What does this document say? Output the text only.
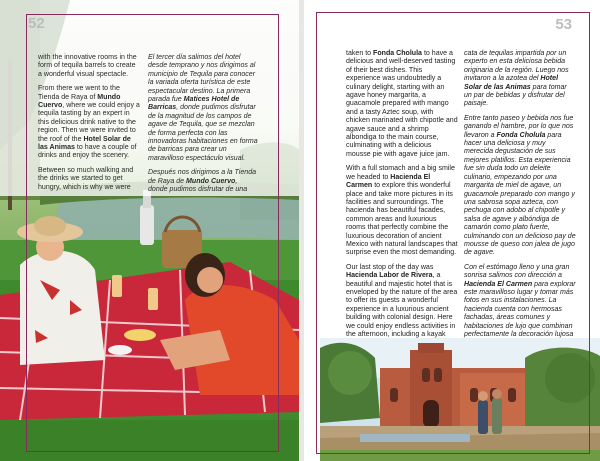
52

with the innovative rooms in the form of tequila barrels to create a wonderful visual spectacle.

From there we went to the Tienda de Raya of Mundo Cuervo, where we could enjoy a tequila tasting by an expert in this delicious drink native to the region. Then we were invited to the roof of the Hotel Solar de las Animas to have a couple of drinks and enjoy the scenery.

Between so much walking and the drinks we started to get hungry, which is why we were

El tercer día salimos del hotel desde temprano y nos dirigimos al municipio de Tequila para conocer la variada oferta turística de este espectacular destino. La primera parada fue Matices Hotel de Barricas, donde pudimos disfrutar de la magnitud de los campos de agave de Tequila, que se mezclan de forma perfecta con las innovadoras habitaciones en forma de barricas para crear un maravilloso espectáculo visual.

Después nos dirigimos a la Tienda de Raya de Mundo Cuervo, donde pudimos disfrutar de una

53

taken to Fonda Cholula to have a delicious and well-deserved tasting of their best dishes. This experience was undoubtedly a culinary delight, starting with an agave honey margarita, a guacamole prepared with mango and a tasty Aztec soup, with chicken marinated with chipotle and agave sauce and a shrimp albondiga to the main course, culminating with a delicious mousse pie with agave juice jam.

With a full stomach and a big smile we headed to Hacienda El Carmen to explore this wonderful place and take more pictures in its facilities and surroundings. The hacienda has beautiful facades, common areas and luxurious rooms that perfectly combine the luxurious decoration of ancient Mexico with natural landscapes that surprise even the most demanding.

Our last stop of the day was Hacienda Labor de Rivera, a beautiful and majestic hotel that is enveloped by the nature of the area to offer its guests a wonderful experience in a luxurious ancient building with colonial design. Here we could enjoy endless activities in the afternoon, including a kayak

cata de tequilas impartida por un experto en esta deliciosa bebida originaria de la región. Luego nos invitaron a la azotea del Hotel Solar de las Animas para tomar un par de bebidas y disfrutar del paisaje.

Entre tanto paseo y bebida nos fue ganando el hambre, por lo que nos llevaron a Fonda Cholula para hacer una deliciosa y muy merecida degustación de sus mejores platillos. Esta experiencia fue sin duda todo un deleite culinario, empezando por una margarita de miel de agave, un guacamole preparado con mango y una sabrosa sopa azteca, con pechuga con adobo al chipotle y salsa de agave y albóndiga de camarón como plato fuerte, culminando con un delicioso pay de mousse de queso con jalea de jugo de agave.

Con el estómago lleno y una gran sonrisa salimos con dirección a Hacienda El Carmen para explorar este maravilloso lugar y tomar más fotos en sus instalaciones. La hacienda cuenta con hermosas fachadas, áreas comunes y habitaciones de lujo que combinan perfectamente la decoración lujosa
